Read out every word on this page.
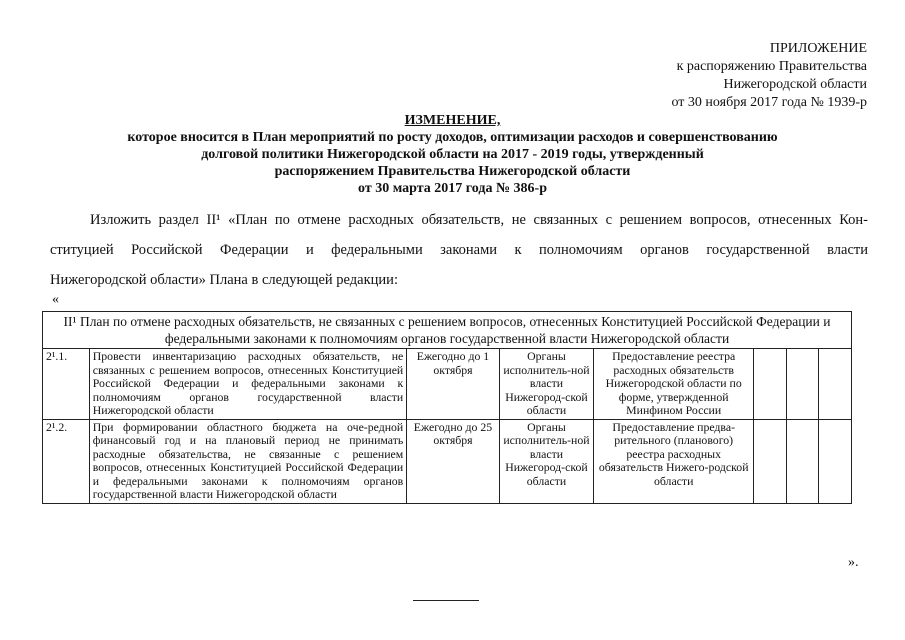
ПРИЛОЖЕНИЕ
к распоряжению Правительства
Нижегородской области
от 30 ноября 2017 года № 1939-р
ИЗМЕНЕНИЕ,
которое вносится в План мероприятий по росту доходов, оптимизации расходов и совершенствованию
долговой политики Нижегородской области на 2017 - 2019 годы, утвержденный
распоряжением Правительства Нижегородской области
от 30 марта 2017 года № 386-р
Изложить раздел II¹ «План по отмене расходных обязательств, не связанных с решением вопросов, отнесенных Кон-
ституцией Российской Федерации и федеральными законами к полномочиям органов государственной власти
Нижегородской области» Плана в следующей редакции:
«
II¹ План по отмене расходных обязательств, не связанных с решением вопросов, отнесенных Конституцией Российской Федерации и федеральными законами к полномочиям органов государственной власти Нижегородской области							
2¹.1.	Провести инвентаризацию расходных обязательств, не связанных с решением вопросов, отнесенных Конституцией Российской Федерации и федеральными законами к полномочиям органов государственной власти Нижегородской области	Ежегодно до 1 октября	Органы исполнитель-ной власти Нижегород-ской области	Предоставление реестра расходных обязательств Нижегородской области по форме, утвержденной Минфином России			
2¹.2.	При формировании областного бюджета на оче-редной финансовый год и на плановый период не принимать расходные обязательства, не связанные с решением вопросов, отнесенных Конституцией Российской Федерации и федеральными законами к полномочиям органов государственной власти Нижегородской области	Ежегодно до 25 октября	Органы исполнитель-ной власти Нижегород-ской области	Предоставление предва-рительного (планового) реестра расходных обязательств Нижего-родской области			
».
